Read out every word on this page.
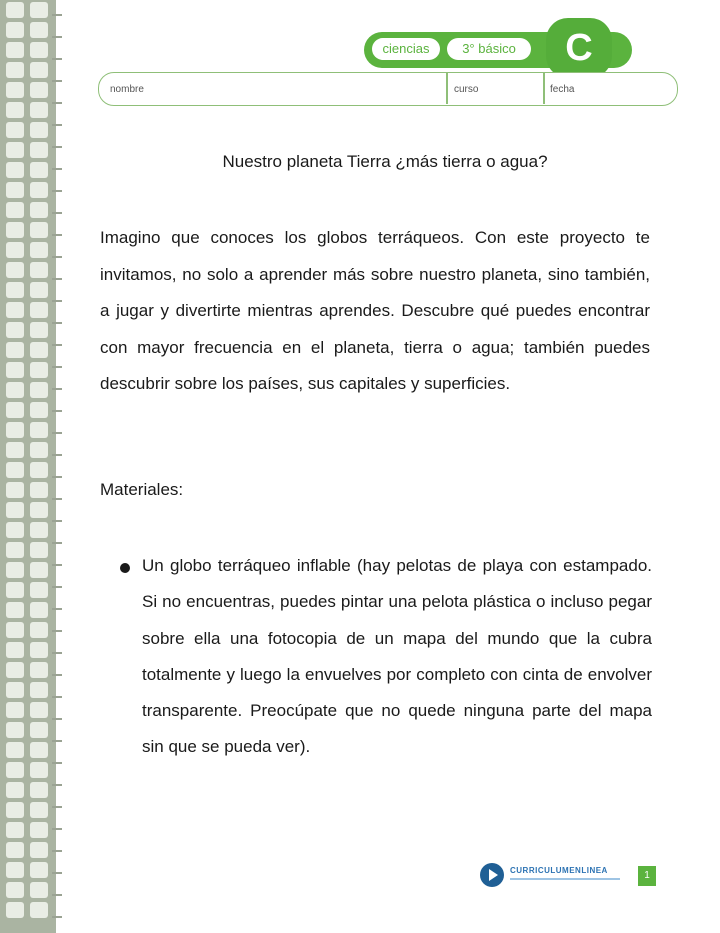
ciencias	3° básico	C
nombre	curso	fecha
Nuestro planeta Tierra ¿más tierra o agua?

Imagino que conoces los globos terráqueos. Con este proyecto te invitamos, no solo a aprender más sobre nuestro planeta, sino también, a jugar y divertirte mientras aprendes. Descubre qué puedes encontrar con mayor frecuencia en el planeta, tierra o agua; también puedes descubrir sobre los países, sus capitales y superficies.

Materiales:

Un globo terráqueo inflable (hay pelotas de playa con estampado. Si no encuentras, puedes pintar una pelota plástica o incluso pegar sobre ella una fotocopia de un mapa del mundo que la cubra totalmente y luego la envuelves por completo con cinta de envolver transparente. Preocúpate que no quede ninguna parte del mapa sin que se pueda ver).

CURRICULUMENLINEA	1
